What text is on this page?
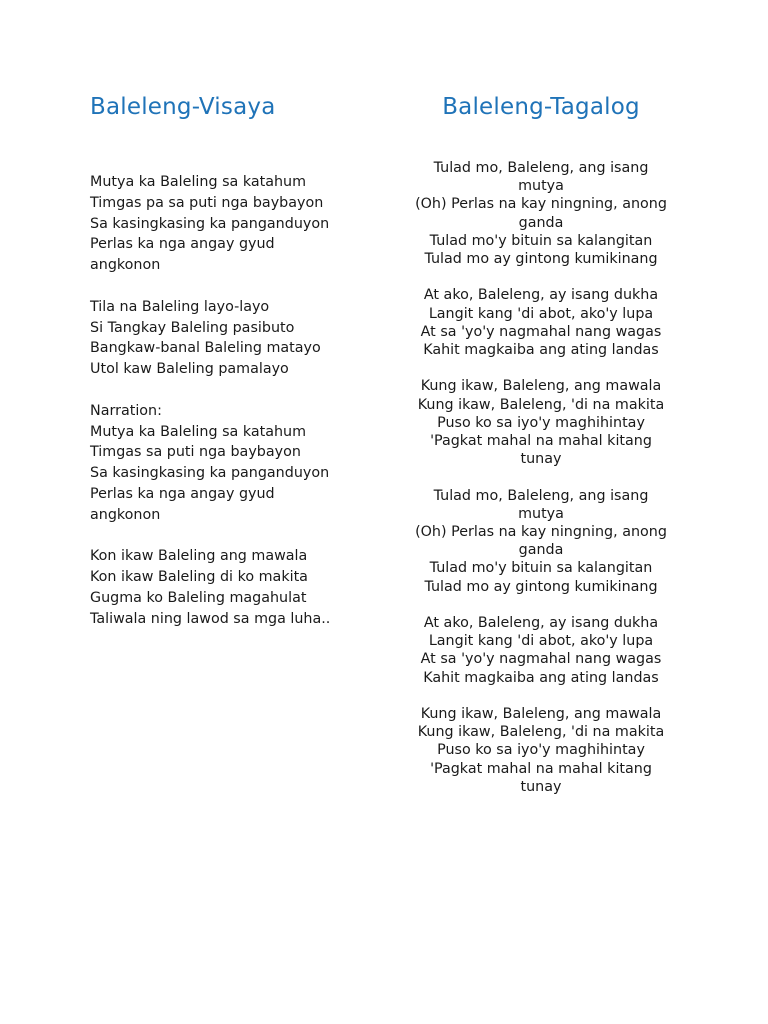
Baleleng-Visaya

Mutya ka Baleling sa katahum
Timgas pa sa puti nga baybayon
Sa kasingkasing ka panganduyon
Perlas ka nga angay gyud
angkonon

Tila na Baleling layo-layo
Si Tangkay Baleling pasibuto
Bangkaw-banal Baleling matayo
Utol kaw Baleling pamalayo

Narration:
Mutya ka Baleling sa katahum
Timgas sa puti nga baybayon
Sa kasingkasing ka panganduyon
Perlas ka nga angay gyud
angkonon

Kon ikaw Baleling ang mawala
Kon ikaw Baleling di ko makita
Gugma ko Baleling magahulat
Taliwala ning lawod sa mga luha..

Baleleng-Tagalog

Tulad mo, Baleleng, ang isang
mutya
(Oh) Perlas na kay ningning, anong
ganda
Tulad mo'y bituin sa kalangitan
Tulad mo ay gintong kumikinang

At ako, Baleleng, ay isang dukha
Langit kang 'di abot, ako'y lupa
At sa 'yo'y nagmahal nang wagas
Kahit magkaiba ang ating landas

Kung ikaw, Baleleng, ang mawala
Kung ikaw, Baleleng, 'di na makita
Puso ko sa iyo'y maghihintay
'Pagkat mahal na mahal kitang
tunay

Tulad mo, Baleleng, ang isang
mutya
(Oh) Perlas na kay ningning, anong
ganda
Tulad mo'y bituin sa kalangitan
Tulad mo ay gintong kumikinang

At ako, Baleleng, ay isang dukha
Langit kang 'di abot, ako'y lupa
At sa 'yo'y nagmahal nang wagas
Kahit magkaiba ang ating landas

Kung ikaw, Baleleng, ang mawala
Kung ikaw, Baleleng, 'di na makita
Puso ko sa iyo'y maghihintay
'Pagkat mahal na mahal kitang
tunay
